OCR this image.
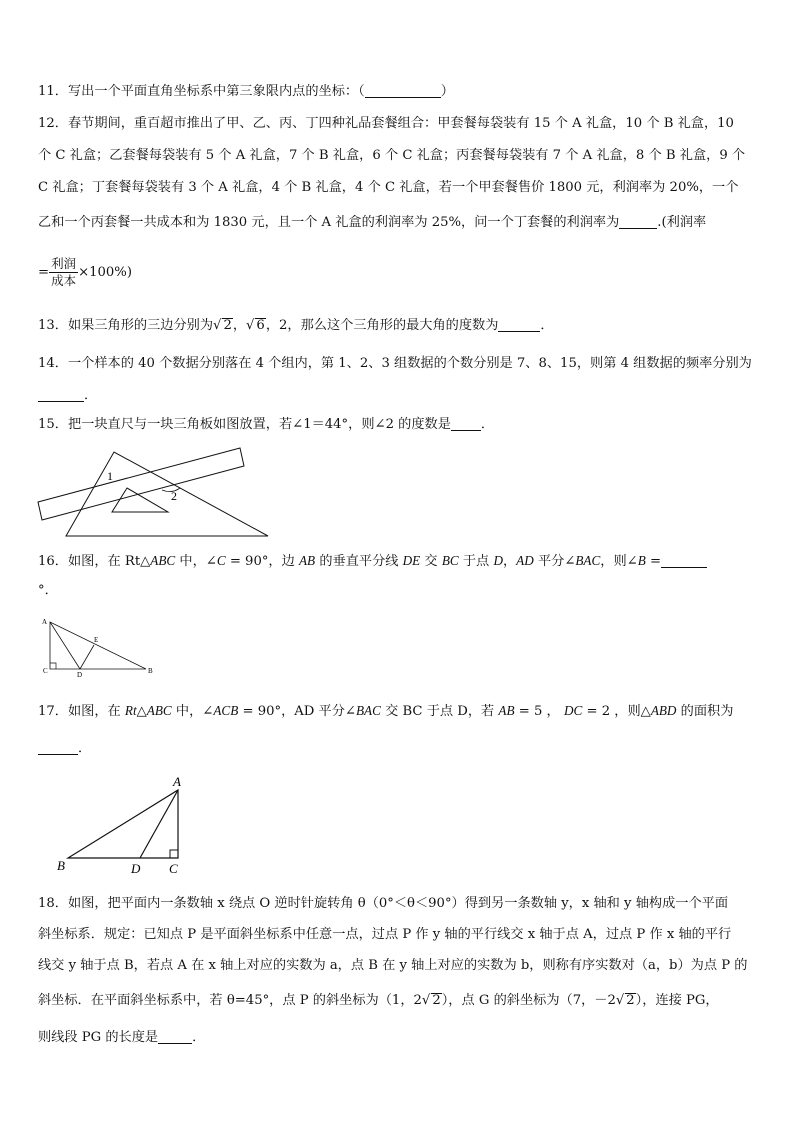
11．写出一个平面直角坐标系中第三象限内点的坐标：（	）
12．春节期间，重百超市推出了甲、乙、丙、丁四种礼品套餐组合：甲套餐每袋装有 15 个 A 礼盒，10 个 B 礼盒，10
个 C 礼盒；乙套餐每袋装有 5 个 A 礼盒，7 个 B 礼盒，6 个 C 礼盒；丙套餐每袋装有 7 个 A 礼盒，8 个 B 礼盒，9 个
C 礼盒；丁套餐每袋装有 3 个 A 礼盒，4 个 B 礼盒，4 个 C 礼盒，若一个甲套餐售价 1800 元，利润率为 20%，一个
乙和一个丙套餐一共成本和为 1830 元，且一个 A 礼盒的利润率为 25%，问一个丁套餐的利润率为	.(利润率
= $\frac{\text{利润}}{\text{成本}} \times 100\%$)
13．如果三角形的三边分别为√ 2，√ 6，2，那么这个三角形的最大角的度数为	．
14．一个样本的 40 个数据分别落在 4 个组内，第 1、2、3 组数据的个数分别是 7、8、15，则第 4 组数据的频率分别为
．
15．把一块直尺与一块三角板如图放置，若∠1＝44°，则∠2 的度数是 ．
1
2
16．如图，在 Rt△ABC 中，∠C = 90°，边 AB 的垂直平分线 DE 交 BC 于点 D，AD 平分∠BAC，则∠B =
°．
A
E
C	D	B
17．如图，在 Rt△ABC 中，∠ACB = 90°，AD 平分∠BAC 交 BC 于点 D，若 AB = 5 ， DC = 2 ，则△ABD 的面积为
．
A
B	D C
18．如图，把平面内一条数轴 x 绕点 O 逆时针旋转角 θ（0°＜θ＜90°）得到另一条数轴 y，x 轴和 y 轴构成一个平面
斜坐标系．规定：已知点 P 是平面斜坐标系中任意一点，过点 P 作 y 轴的平行线交 x 轴于点 A，过点 P 作 x 轴的平行
线交 y 轴于点 B，若点 A 在 x 轴上对应的实数为 a，点 B 在 y 轴上对应的实数为 b，则称有序实数对（a，b）为点 P 的
斜坐标．在平面斜坐标系中，若 θ=45°，点 P 的斜坐标为（1，2√ 2），点 G 的斜坐标为（7，－2√ 2），连接 PG，
则线段 PG 的长度是	．
